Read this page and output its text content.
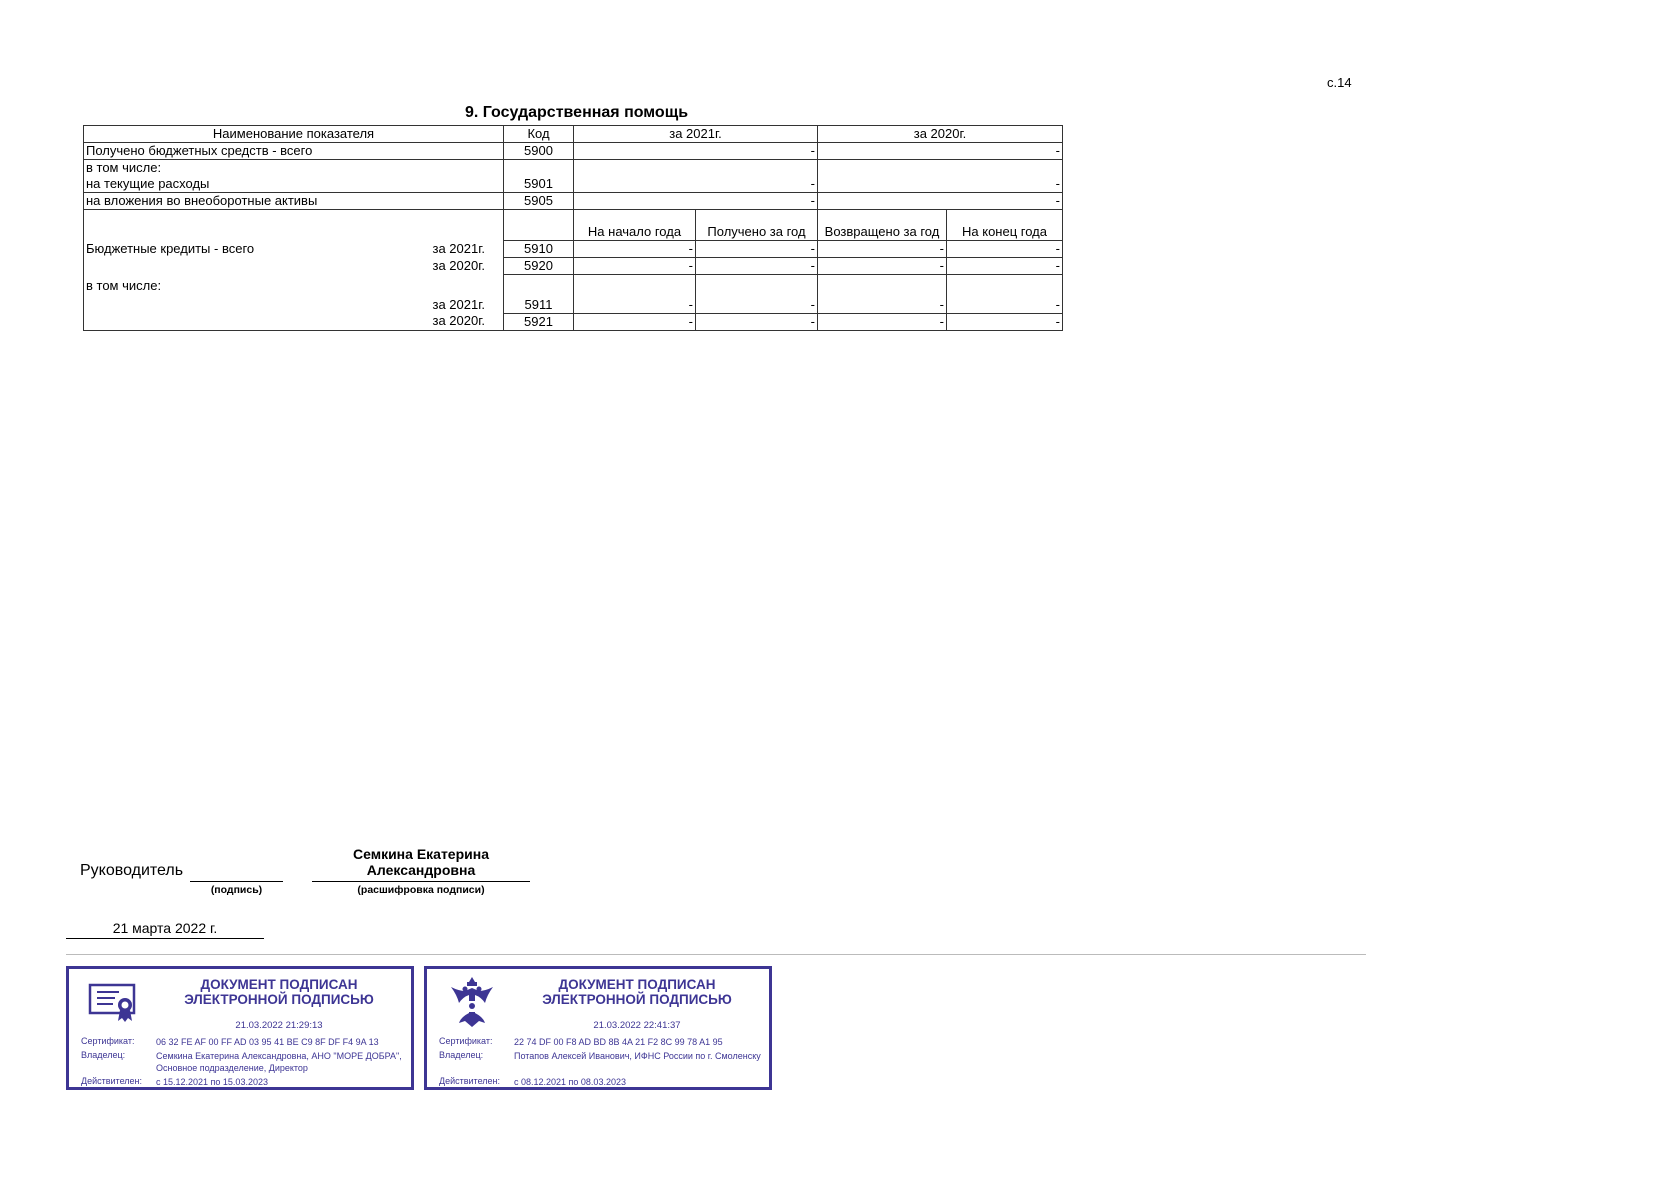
с.14
9. Государственная помощь
Наименование показателя	Код	за 2021г.		за 2020г.	
Получено бюджетных средств - всего	5900	-		-	
в том числе:					
на текущие расходы	5901	-		-	
на вложения во внеоборотные активы	5905	-		-	
		На начало года	Получено за год	Возвращено за год	На конец года
Бюджетные кредиты - всего за 2021г.	5910	-	-	-	-
за 2020г.	5920	-	-	-	-
в том числе:					
за 2021г.	5911	-	-	-	-
за 2020г.	5921	-	-	-	-
Руководитель
(подпись)
Семкина Екатерина
Александровна
(расшифровка подписи)
21 марта 2022 г.
ДОКУМЕНТ ПОДПИСАН
ЭЛЕКТРОННОЙ ПОДПИСЬЮ
21.03.2022 21:29:13
Сертификат: 06 32 FE AF 00 FF AD 03 95 41 BE C9 8F DF F4 9A 13
Владелец:	Семкина Екатерина Александровна, АНО "МОРЕ ДОБРА", Основное подразделение, Директор
Действителен: с 15.12.2021 по 15.03.2023
ДОКУМЕНТ ПОДПИСАН
ЭЛЕКТРОННОЙ ПОДПИСЬЮ
21.03.2022 22:41:37
Сертификат: 22 74 DF 00 F8 AD BD 8B 4A 21 F2 8C 99 78 A1 95
Владелец:	Потапов Алексей Иванович, ИФНС России по г. Смоленску
Действителен: с 08.12.2021 по 08.03.2023
